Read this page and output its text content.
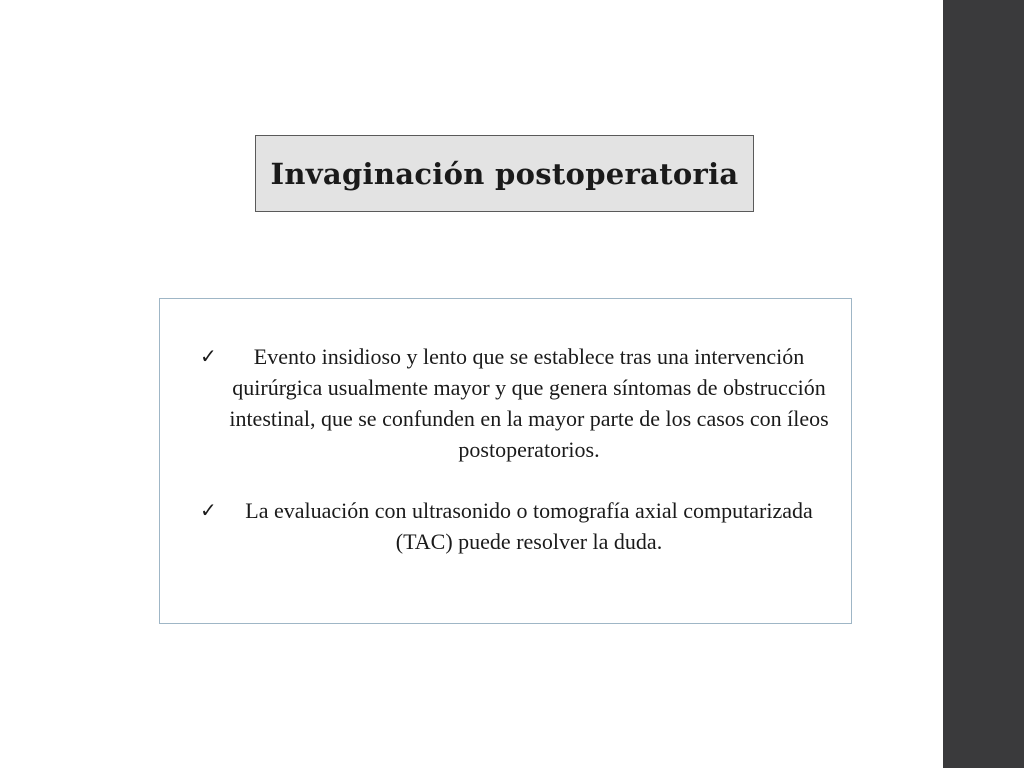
Invaginación postoperatoria
✓	Evento insidioso y lento que se establece tras una intervención quirúrgica usualmente mayor y que genera síntomas de obstrucción intestinal, que se confunden en la mayor parte de los casos con íleos postoperatorios.
✓	La evaluación con ultrasonido o tomografía axial computarizada (TAC) puede resolver la duda.
